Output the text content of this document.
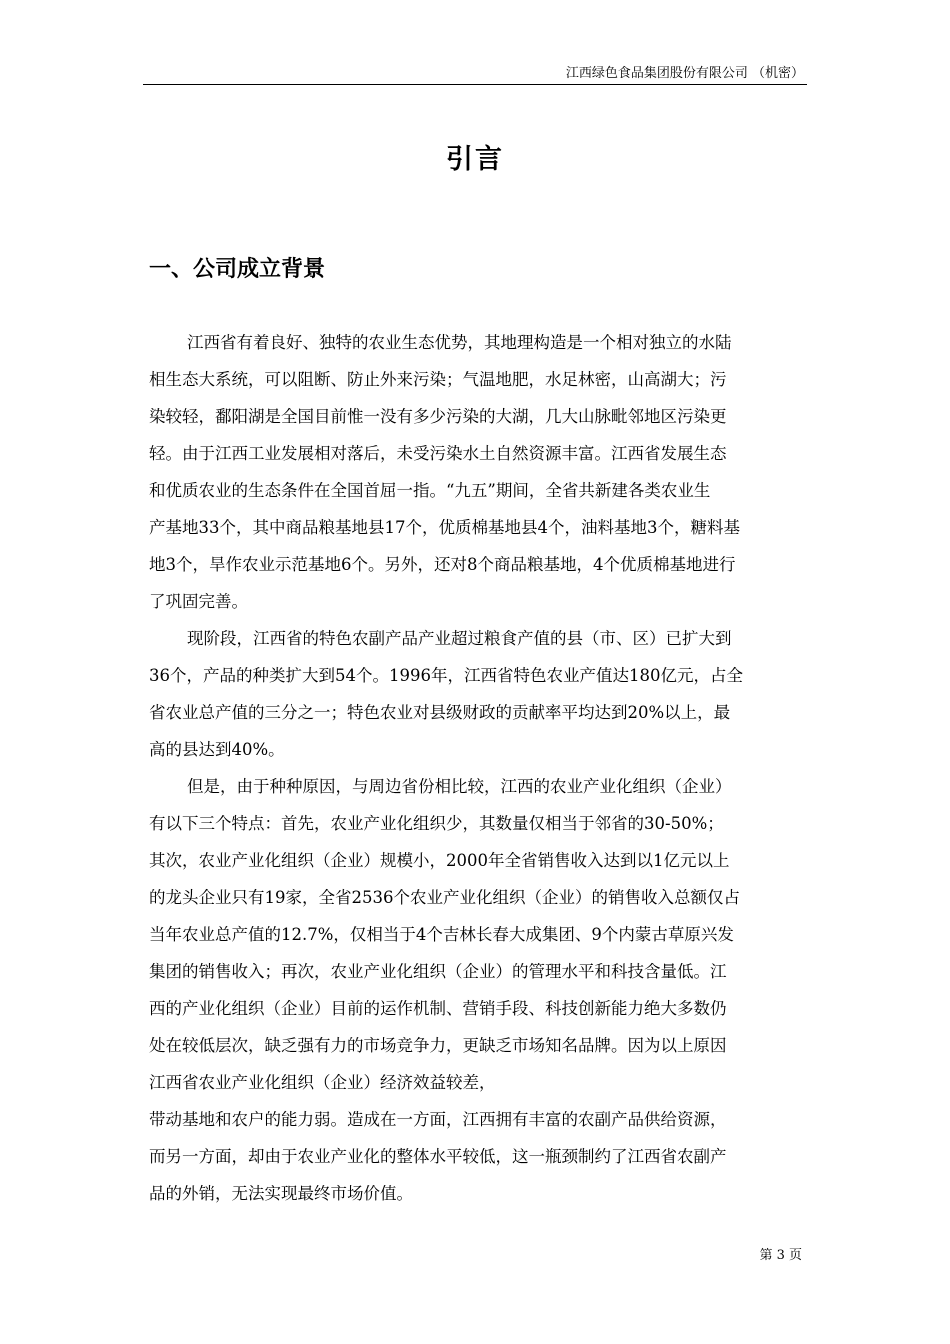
江西绿色食品集团股份有限公司 （机密）
引言
一、公司成立背景
江西省有着良好、独特的农业生态优势，其地理构造是一个相对独立的水陆
相生态大系统，可以阻断、防止外来污染；气温地肥，水足林密，山高湖大；污
染较轻，鄱阳湖是全国目前惟一没有多少污染的大湖，几大山脉毗邻地区污染更
轻。由于江西工业发展相对落后，未受污染水土自然资源丰富。江西省发展生态
和优质农业的生态条件在全国首屈一指。“九五”期间，全省共新建各类农业生
产基地33个，其中商品粮基地县17个，优质棉基地县4个，油料基地3个，糖料基
地3个，旱作农业示范基地6个。另外，还对8个商品粮基地，4个优质棉基地进行
了巩固完善。
现阶段，江西省的特色农副产品产业超过粮食产值的县（市、区）已扩大到
36个，产品的种类扩大到54个。1996年，江西省特色农业产值达180亿元，占全
省农业总产值的三分之一；特色农业对县级财政的贡献率平均达到20%以上，最
高的县达到40%。
但是，由于种种原因，与周边省份相比较，江西的农业产业化组织（企业）
有以下三个特点：首先，农业产业化组织少，其数量仅相当于邻省的30-50%；
其次，农业产业化组织（企业）规模小，2000年全省销售收入达到以1亿元以上
的龙头企业只有19家，全省2536个农业产业化组织（企业）的销售收入总额仅占
当年农业总产值的12.7%，仅相当于4个吉林长春大成集团、9个内蒙古草原兴发
集团的销售收入；再次，农业产业化组织（企业）的管理水平和科技含量低。江
西的产业化组织（企业）目前的运作机制、营销手段、科技创新能力绝大多数仍
处在较低层次，缺乏强有力的市场竞争力，更缺乏市场知名品牌。因为以上原因
江西省农业产业化组织（企业）经济效益较差，
带动基地和农户的能力弱。造成在一方面，江西拥有丰富的农副产品供给资源，
而另一方面，却由于农业产业化的整体水平较低，这一瓶颈制约了江西省农副产
品的外销，无法实现最终市场价值。
第 3 页
